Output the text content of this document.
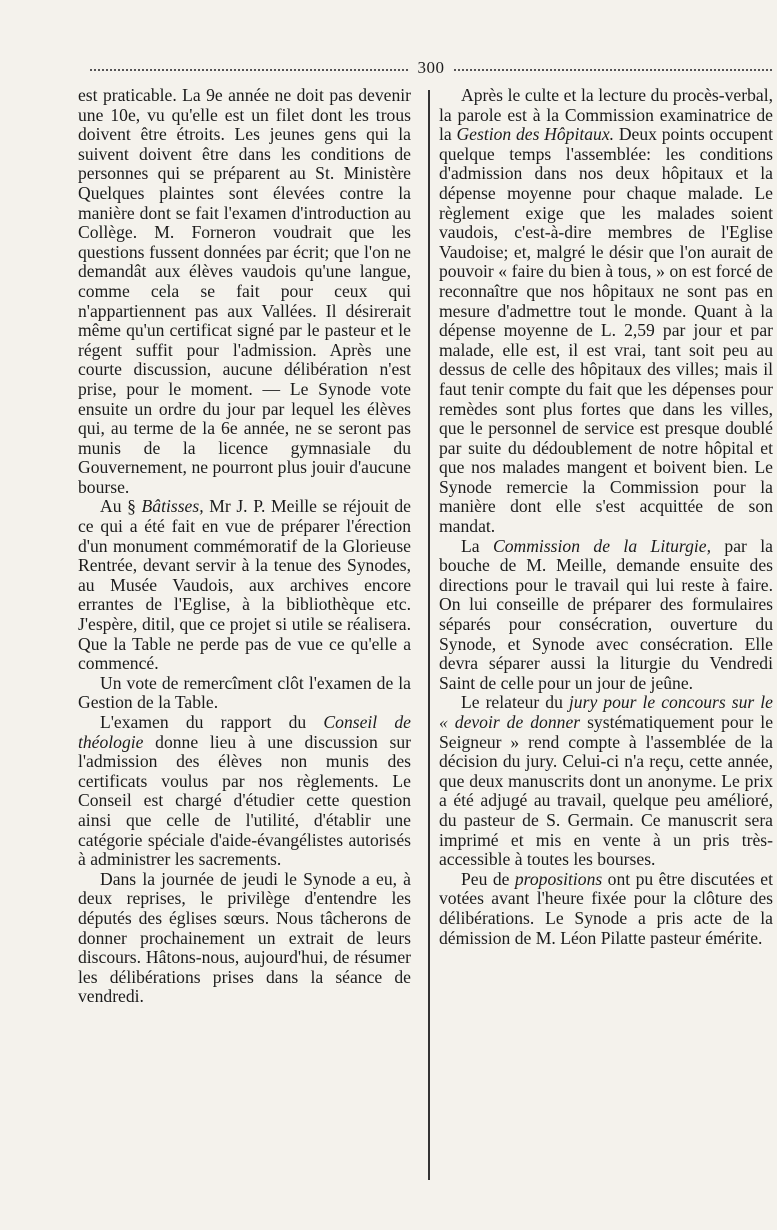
300

est praticable. La 9e année ne doit pas devenir une 10e, vu qu'elle est un filet dont les trous doivent être étroits. Les jeunes gens qui la suivent doivent être dans les conditions de personnes qui se préparent au St. Ministère Quelques plaintes sont élevées contre la manière dont se fait l'examen d'introduction au Collège. M. Forneron voudrait que les questions fussent données par écrit; que l'on ne demandât aux élèves vaudois qu'une langue, comme cela se fait pour ceux qui n'appartiennent pas aux Vallées. Il désirerait même qu'un certificat signé par le pasteur et le régent suffit pour l'admission. Après une courte discussion, aucune délibération n'est prise, pour le moment. — Le Synode vote ensuite un ordre du jour par lequel les élèves qui, au terme de la 6e année, ne se seront pas munis de la licence gymnasiale du Gouvernement, ne pourront plus jouir d'aucune bourse.

Au § Bâtisses, Mr J. P. Meille se réjouit de ce qui a été fait en vue de préparer l'érection d'un monument commémoratif de la Glorieuse Rentrée, devant servir à la tenue des Synodes, au Musée Vaudois, aux archives encore errantes de l'Eglise, à la bibliothèque etc. J'espère, ditil, que ce projet si utile se réalisera. Que la Table ne perde pas de vue ce qu'elle a commencé.

Un vote de remercîment clôt l'examen de la Gestion de la Table.

L'examen du rapport du Conseil de théologie donne lieu à une discussion sur l'admission des élèves non munis des certificats voulus par nos règlements. Le Conseil est chargé d'étudier cette question ainsi que celle de l'utilité, d'établir une catégorie spéciale d'aide-évangélistes autorisés à administrer les sacrements.

Dans la journée de jeudi le Synode a eu, à deux reprises, le privilège d'entendre les députés des églises sœurs. Nous tâcherons de donner prochainement un extrait de leurs discours. Hâtons-nous, aujourd'hui, de résumer les délibérations prises dans la séance de vendredi.

Après le culte et la lecture du procès-verbal, la parole est à la Commission examinatrice de la Gestion des Hôpitaux. Deux points occupent quelque temps l'assemblée: les conditions d'admission dans nos deux hôpitaux et la dépense moyenne pour chaque malade. Le règlement exige que les malades soient vaudois, c'est-à-dire membres de l'Eglise Vaudoise; et, malgré le désir que l'on aurait de pouvoir « faire du bien à tous, » on est forcé de reconnaître que nos hôpitaux ne sont pas en mesure d'admettre tout le monde. Quant à la dépense moyenne de L. 2,59 par jour et par malade, elle est, il est vrai, tant soit peu au dessus de celle des hôpitaux des villes; mais il faut tenir compte du fait que les dépenses pour remèdes sont plus fortes que dans les villes, que le personnel de service est presque doublé par suite du dédoublement de notre hôpital et que nos malades mangent et boivent bien. Le Synode remercie la Commission pour la manière dont elle s'est acquittée de son mandat.

La Commission de la Liturgie, par la bouche de M. Meille, demande ensuite des directions pour le travail qui lui reste à faire. On lui conseille de préparer des formulaires séparés pour consécration, ouverture du Synode, et Synode avec consécration. Elle devra séparer aussi la liturgie du Vendredi Saint de celle pour un jour de jeûne.

Le relateur du jury pour le concours sur le « devoir de donner systématiquement pour le Seigneur » rend compte à l'assemblée de la décision du jury. Celui-ci n'a reçu, cette année, que deux manuscrits dont un anonyme. Le prix a été adjugé au travail, quelque peu amélioré, du pasteur de S. Germain. Ce manuscrit sera imprimé et mis en vente à un pris très-accessible à toutes les bourses.

Peu de propositions ont pu être discutées et votées avant l'heure fixée pour la clôture des délibérations. Le Synode a pris acte de la démission de M. Léon Pilatte pasteur émérite.
